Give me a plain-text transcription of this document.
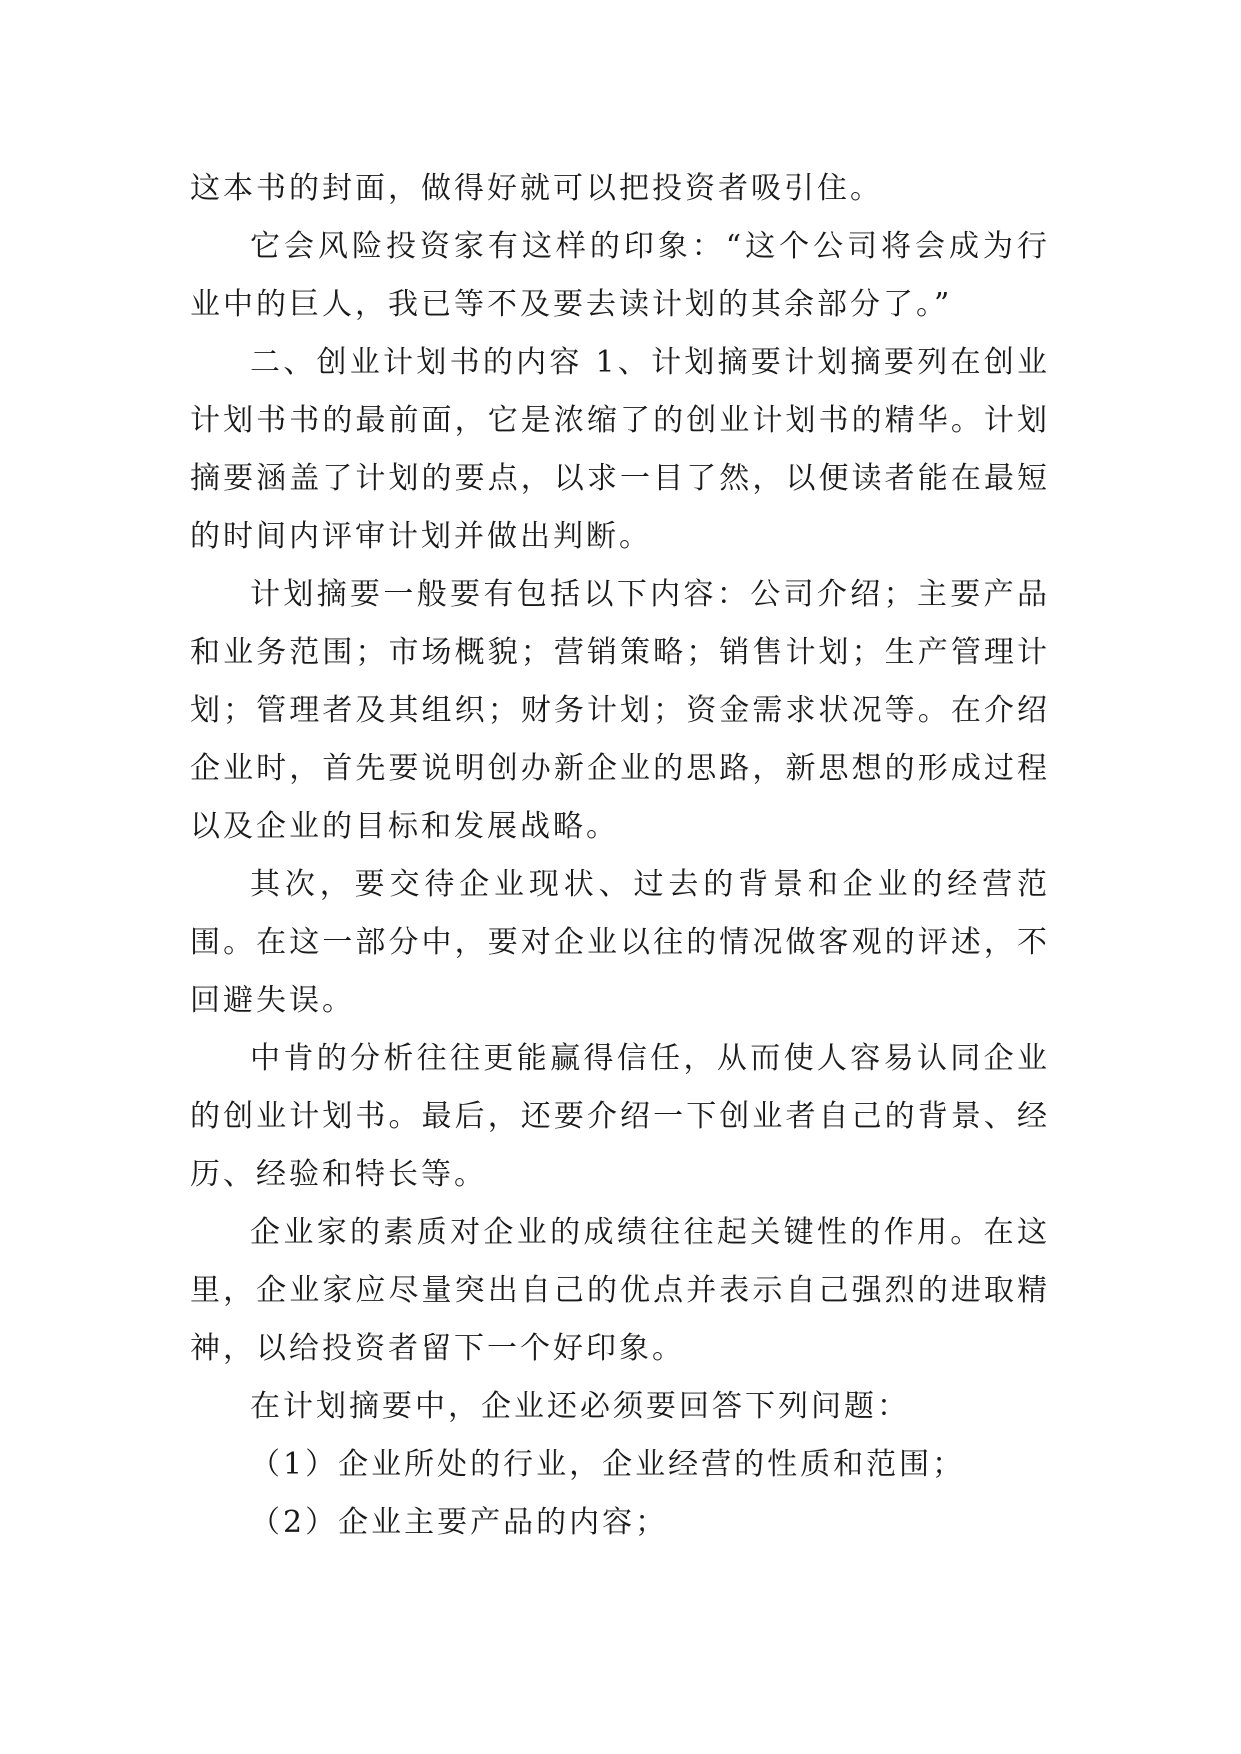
这本书的封面，做得好就可以把投资者吸引住。

它会风险投资家有这样的印象：“这个公司将会成为行业中的巨人，我已等不及要去读计划的其余部分了。”

二、创业计划书的内容 1、计划摘要计划摘要列在创业计划书书的最前面，它是浓缩了的创业计划书的精华。计划摘要涵盖了计划的要点，以求一目了然，以便读者能在最短的时间内评审计划并做出判断。

计划摘要一般要有包括以下内容：公司介绍；主要产品和业务范围；市场概貌；营销策略；销售计划；生产管理计划；管理者及其组织；财务计划；资金需求状况等。在介绍企业时，首先要说明创办新企业的思路，新思想的形成过程以及企业的目标和发展战略。

其次，要交待企业现状、过去的背景和企业的经营范围。在这一部分中，要对企业以往的情况做客观的评述，不回避失误。

中肯的分析往往更能赢得信任，从而使人容易认同企业的创业计划书。最后，还要介绍一下创业者自己的背景、经历、经验和特长等。

企业家的素质对企业的成绩往往起关键性的作用。在这里，企业家应尽量突出自己的优点并表示自己强烈的进取精神，以给投资者留下一个好印象。

在计划摘要中，企业还必须要回答下列问题：

（1）企业所处的行业，企业经营的性质和范围；

（2）企业主要产品的内容；
